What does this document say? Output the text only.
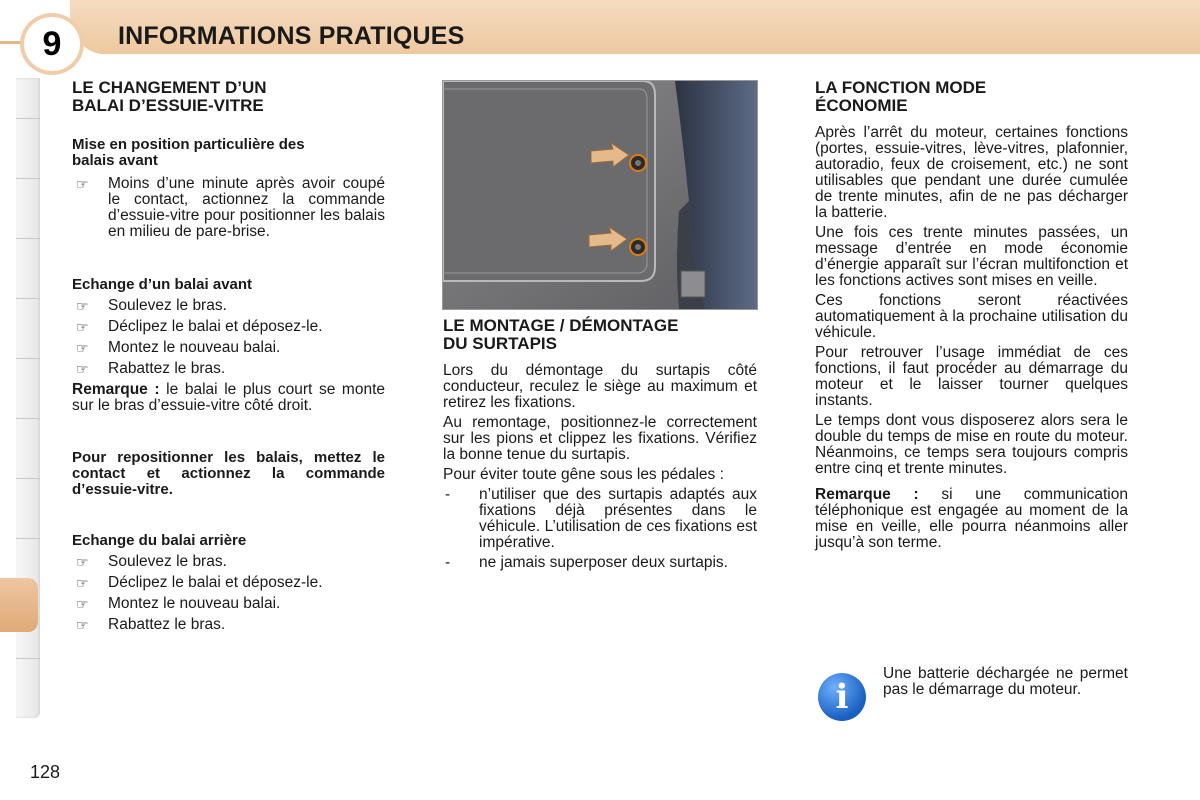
9	INFORMATIONS PRATIQUES
LE CHANGEMENT D’UN
BALAI D’ESSUIE-VITRE
Mise en position particulière des
balais avant
☞ Moins d’une minute après avoir coupé le contact, actionnez la commande d’essuie-vitre pour positionner les balais en milieu de pare-brise.
Echange d’un balai avant
☞ Soulevez le bras.
☞ Déclipez le balai et déposez-le.
☞ Montez le nouveau balai.
☞ Rabattez le bras.

Remarque : le balai le plus court se monte sur le bras d’essuie-vitre côté droit.

Pour repositionner les balais, mettez le contact et actionnez la commande d’essuie-vitre.

Echange du balai arrière
☞ Soulevez le bras.
☞ Déclipez le balai et déposez-le.
☞ Montez le nouveau balai.
☞ Rabattez le bras.
LE MONTAGE / DÉMONTAGE
DU SURTAPIS

Lors du démontage du surtapis côté conducteur, reculez le siège au maximum et retirez les fixations.

Au remontage, positionnez-le correctement sur les pions et clippez les fixations. Vérifiez la bonne tenue du surtapis.

Pour éviter toute gêne sous les pédales :

- n’utiliser que des surtapis adaptés aux fixations déjà présentes dans le véhicule. L’utilisation de ces fixations est impérative.
- ne jamais superposer deux surtapis.
LA FONCTION MODE
ÉCONOMIE

Après l’arrêt du moteur, certaines fonctions (portes, essuie-vitres, lève-vitres, plafonnier, autoradio, feux de croisement, etc.) ne sont utilisables que pendant une durée cumulée de trente minutes, afin de ne pas décharger la batterie.

Une fois ces trente minutes passées, un message d’entrée en mode économie d’énergie apparaît sur l’écran multifonction et les fonctions actives sont mises en veille.

Ces fonctions seront réactivées automatiquement à la prochaine utilisation du véhicule.

Pour retrouver l’usage immédiat de ces fonctions, il faut procéder au démarrage du moteur et le laisser tourner quelques instants.

Le temps dont vous disposerez alors sera le double du temps de mise en route du moteur. Néanmoins, ce temps sera toujours compris entre cinq et trente minutes.

Remarque : si une communication téléphonique est engagée au moment de la mise en veille, elle pourra néanmoins aller jusqu’à son terme.

i

Une batterie déchargée ne permet pas le démarrage du moteur.

128
